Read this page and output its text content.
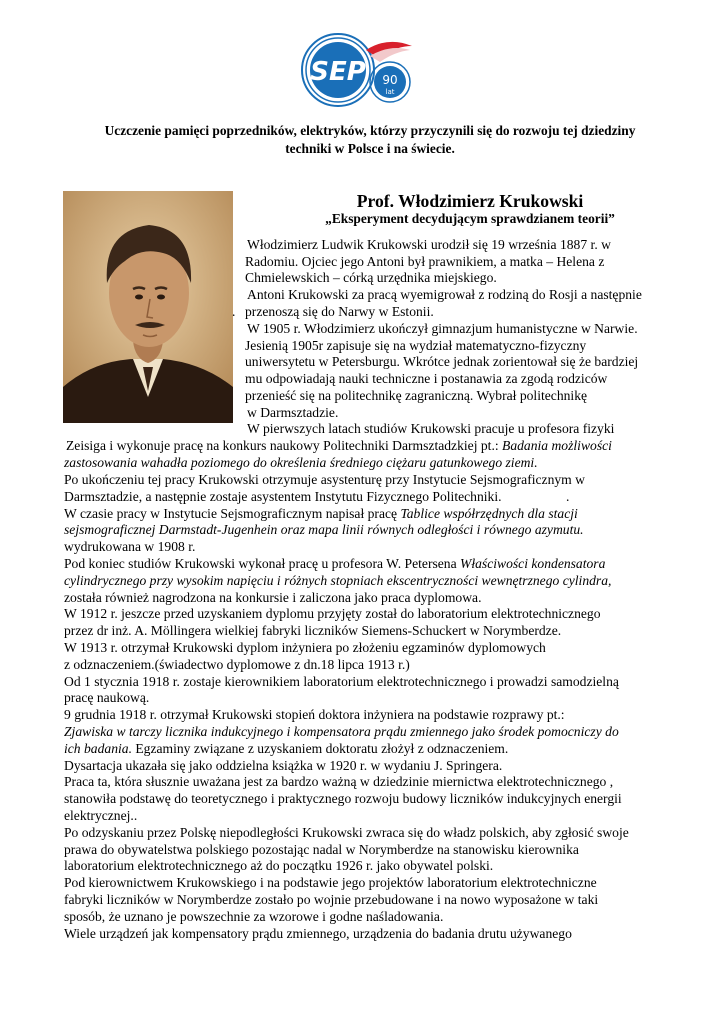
SEP 90
lat
Uczczenie pamięci poprzedników, elektryków, którzy przyczynili się do rozwoju tej dziedziny
techniki w Polsce i na świecie.
Prof. Włodzimierz Krukowski
„Eksperyment decydującym sprawdzianem teorii”
Włodzimierz Ludwik Krukowski urodził się 19 września 1887 r. w
Radomiu. Ojciec jego Antoni był prawnikiem, a matka – Helena z
Chmielewskich – córką urzędnika miejskiego.
Antoni Krukowski za pracą wyemigrował z rodziną do Rosji a następnie
. przenoszą się do Narwy w Estonii.
W 1905 r. Włodzimierz ukończył gimnazjum humanistyczne w Narwie.
Jesienią 1905r zapisuje się na wydział matematyczno-fizyczny
uniwersytetu w Petersburgu. Wkrótce jednak zorientował się że bardziej
mu odpowiadają nauki techniczne i postanawia za zgodą rodziców
przenieść się na politechnikę zagraniczną. Wybrał politechnikę
w Darmsztadzie.
W pierwszych latach studiów Krukowski pracuje u profesora fizyki
Zeisiga i wykonuje pracę na konkurs naukowy Politechniki Darmsztadzkiej pt.: Badania możliwości
zastosowania wahadła poziomego do określenia średniego ciężaru gatunkowego ziemi.
Po ukończeniu tej pracy Krukowski otrzymuje asystenturę przy Instytucie Sejsmograficznym w
Darmsztadzie, a następnie zostaje asystentem Instytutu Fizycznego Politechniki.	.
W czasie pracy w Instytucie Sejsmograficznym napisał pracę Tablice współrzędnych dla stacji
sejsmograficznej Darmstadt-Jugenhein oraz mapa linii równych odległości i równego azymutu.
wydrukowana w 1908 r.
Pod koniec studiów Krukowski wykonał pracę u profesora W. Petersena Właściwości kondensatora
cylindrycznego przy wysokim napięciu i różnych stopniach ekscentryczności wewnętrznego cylindra,
została również nagrodzona na konkursie i zaliczona jako praca dyplomowa.
W 1912 r. jeszcze przed uzyskaniem dyplomu przyjęty został do laboratorium elektrotechnicznego
przez dr inż. A. Möllingera wielkiej fabryki liczników Siemens-Schuckert w Norymberdze.
W 1913 r. otrzymał Krukowski dyplom inżyniera po złożeniu egzaminów dyplomowych
z odznaczeniem.(świadectwo dyplomowe z dn.18 lipca 1913 r.)
Od 1 stycznia 1918 r. zostaje kierownikiem laboratorium elektrotechnicznego i prowadzi samodzielną
pracę naukową.
9 grudnia 1918 r. otrzymał Krukowski stopień doktora inżyniera na podstawie rozprawy pt.:
Zjawiska w tarczy licznika indukcyjnego i kompensatora prądu zmiennego jako środek pomocniczy do
ich badania. Egzaminy związane z uzyskaniem doktoratu złożył z odznaczeniem.
Dysartacja ukazała się jako oddzielna książka w 1920 r. w wydaniu J. Springera.
Praca ta, która słusznie uważana jest za bardzo ważną w dziedzinie miernictwa elektrotechnicznego ,
stanowiła podstawę do teoretycznego i praktycznego rozwoju budowy liczników indukcyjnych energii
elektrycznej..
Po odzyskaniu przez Polskę niepodległości Krukowski zwraca się do władz polskich, aby zgłosić swoje
prawa do obywatelstwa polskiego pozostając nadal w Norymberdze na stanowisku kierownika
laboratorium elektrotechnicznego aż do początku 1926 r. jako obywatel polski.
Pod kierownictwem Krukowskiego i na podstawie jego projektów laboratorium elektrotechniczne
fabryki liczników w Norymberdze zostało po wojnie przebudowane i na nowo wyposażone w taki
sposób, że uznano je powszechnie za wzorowe i godne naśladowania.
Wiele urządzeń jak kompensatory prądu zmiennego, urządzenia do badania drutu używanego
